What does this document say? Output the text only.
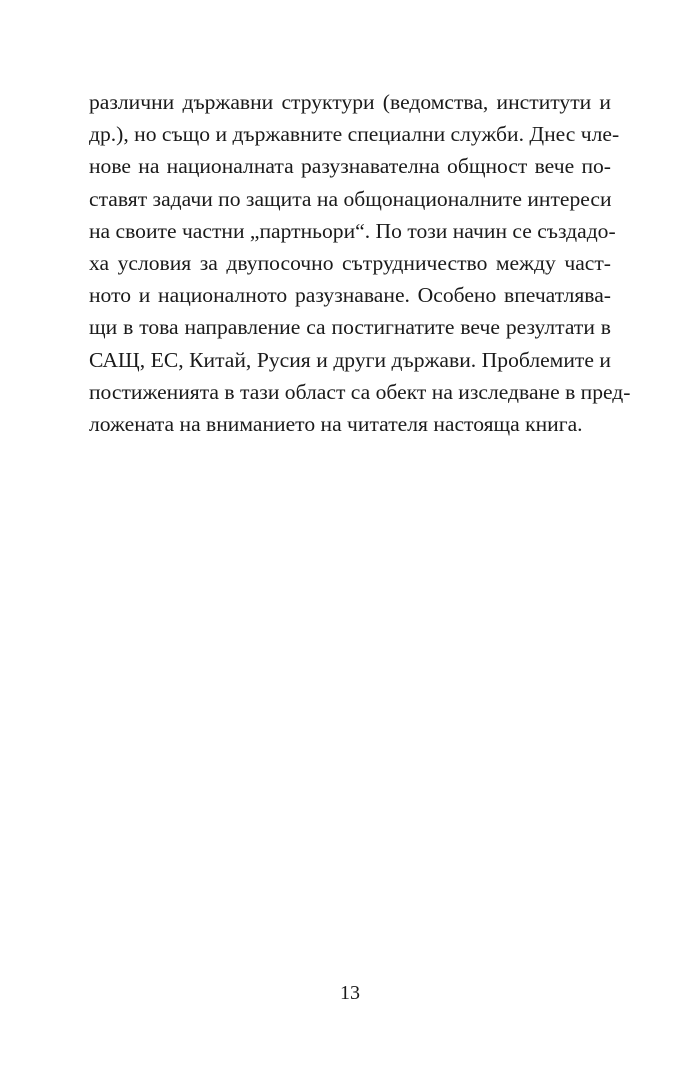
различни държавни структури (ведомства, институти и
др.), но също и държавните специални служби. Днес чле-
нове на националната разузнавателна общност вече по-
ставят задачи по защита на общонационалните интереси
на своите частни „партньори“. По този начин се създадо-
ха условия за двупосочно сътрудничество между част-
ното и националното разузнаване. Особено впечатлява-
щи в това направление са постигнатите вече резултати в
САЩ, ЕС, Китай, Русия и други държави. Проблемите и
постиженията в тази област са обект на изследване в пред-
ложената на вниманието на читателя настояща книга.
13
